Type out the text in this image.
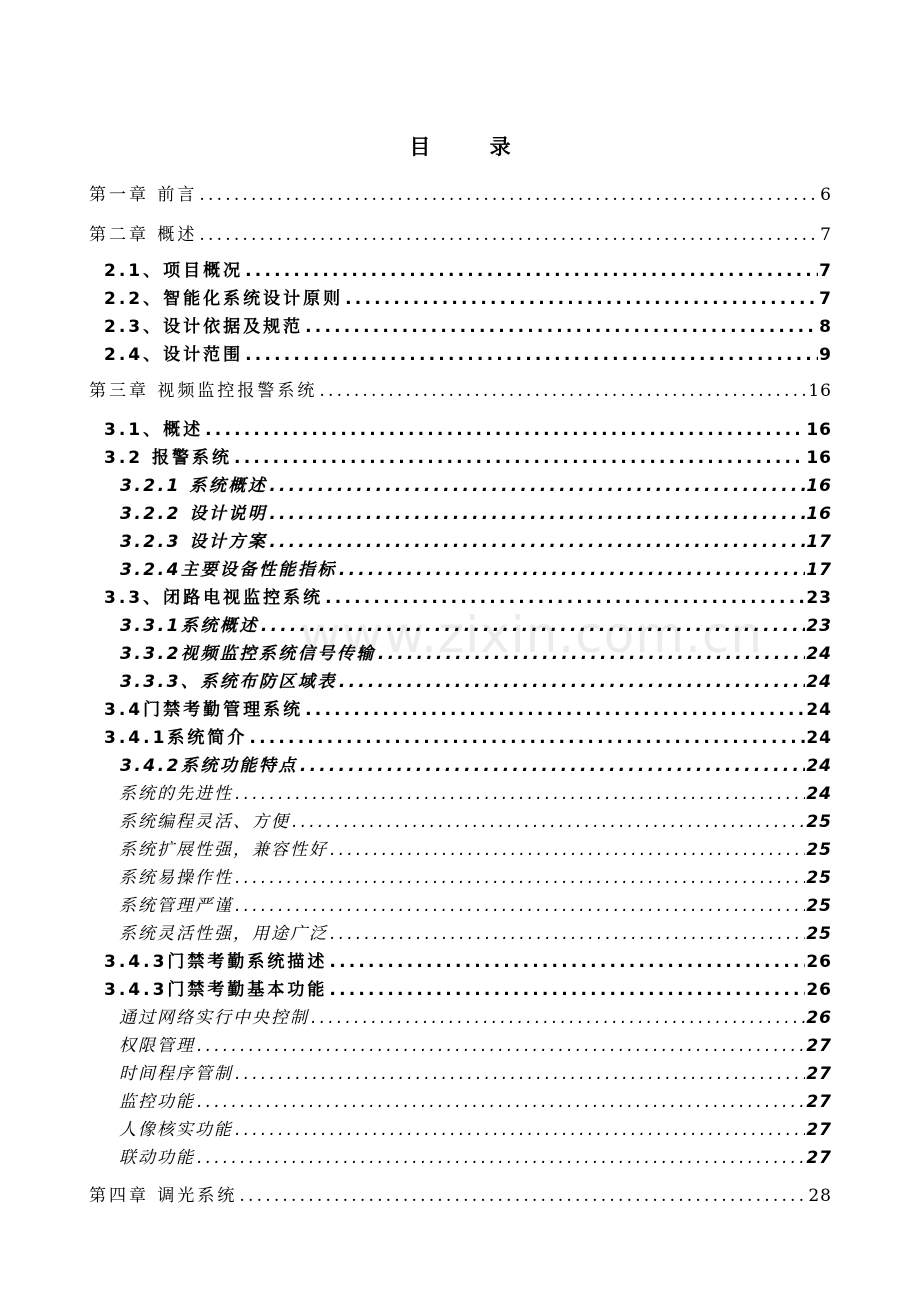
目 录
www.zixin.com.cn
第一章 前言 .....	6
第二章 概述 .....	7
2.1、项目概况 .....	7
2.2、智能化系统设计原则 .....	7
2.3、设计依据及规范 .....	8
2.4、设计范围 .....	9
第三章 视频监控报警系统 .....	16
3.1、概述 .....	16
3.2 报警系统 .....	16
3.2.1 系统概述 .....	16
3.2.2 设计说明 .....	16
3.2.3 设计方案 .....	17
3.2.4主要设备性能指标 .....	17
3.3、闭路电视监控系统 .....	23
3.3.1系统概述 .....	23
3.3.2视频监控系统信号传输 .....	24
3.3.3、系统布防区域表 .....	24
3.4门禁考勤管理系统 .....	24
3.4.1系统简介 .....	24
3.4.2系统功能特点 .....	24
系统的先进性 .....	24
系统编程灵活、方便 .....	25
系统扩展性强，兼容性好 .....	25
系统易操作性 .....	25
系统管理严谨 .....	25
系统灵活性强，用途广泛 .....	25
3.4.3门禁考勤系统描述 .....	26
3.4.3门禁考勤基本功能 .....	26
通过网络实行中央控制 .....	26
权限管理 .....	27
时间程序管制 .....	27
监控功能 .....	27
人像核实功能 .....	27
联动功能 .....	27
第四章 调光系统 .....	28
